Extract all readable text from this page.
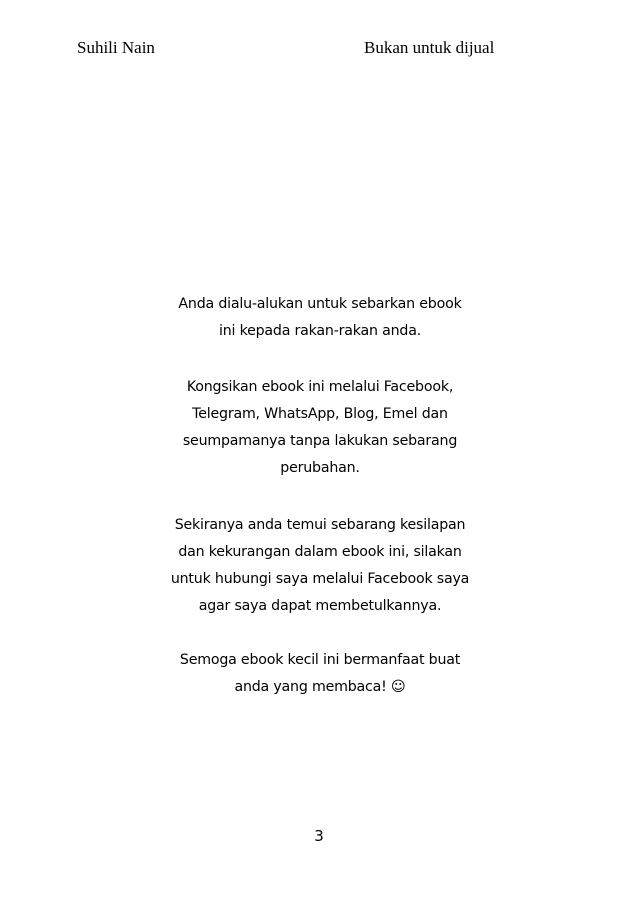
Suhili Nain	Bukan untuk dijual
Anda dialu-alukan untuk sebarkan ebook
ini kepada rakan-rakan anda.
Kongsikan ebook ini melalui Facebook,
Telegram, WhatsApp, Blog, Emel dan
seumpamanya tanpa lakukan sebarang
perubahan.
Sekiranya anda temui sebarang kesilapan
dan kekurangan dalam ebook ini, silakan
untuk hubungi saya melalui Facebook saya
agar saya dapat membetulkannya.
Semoga ebook kecil ini bermanfaat buat
anda yang membaca! ☺
3
